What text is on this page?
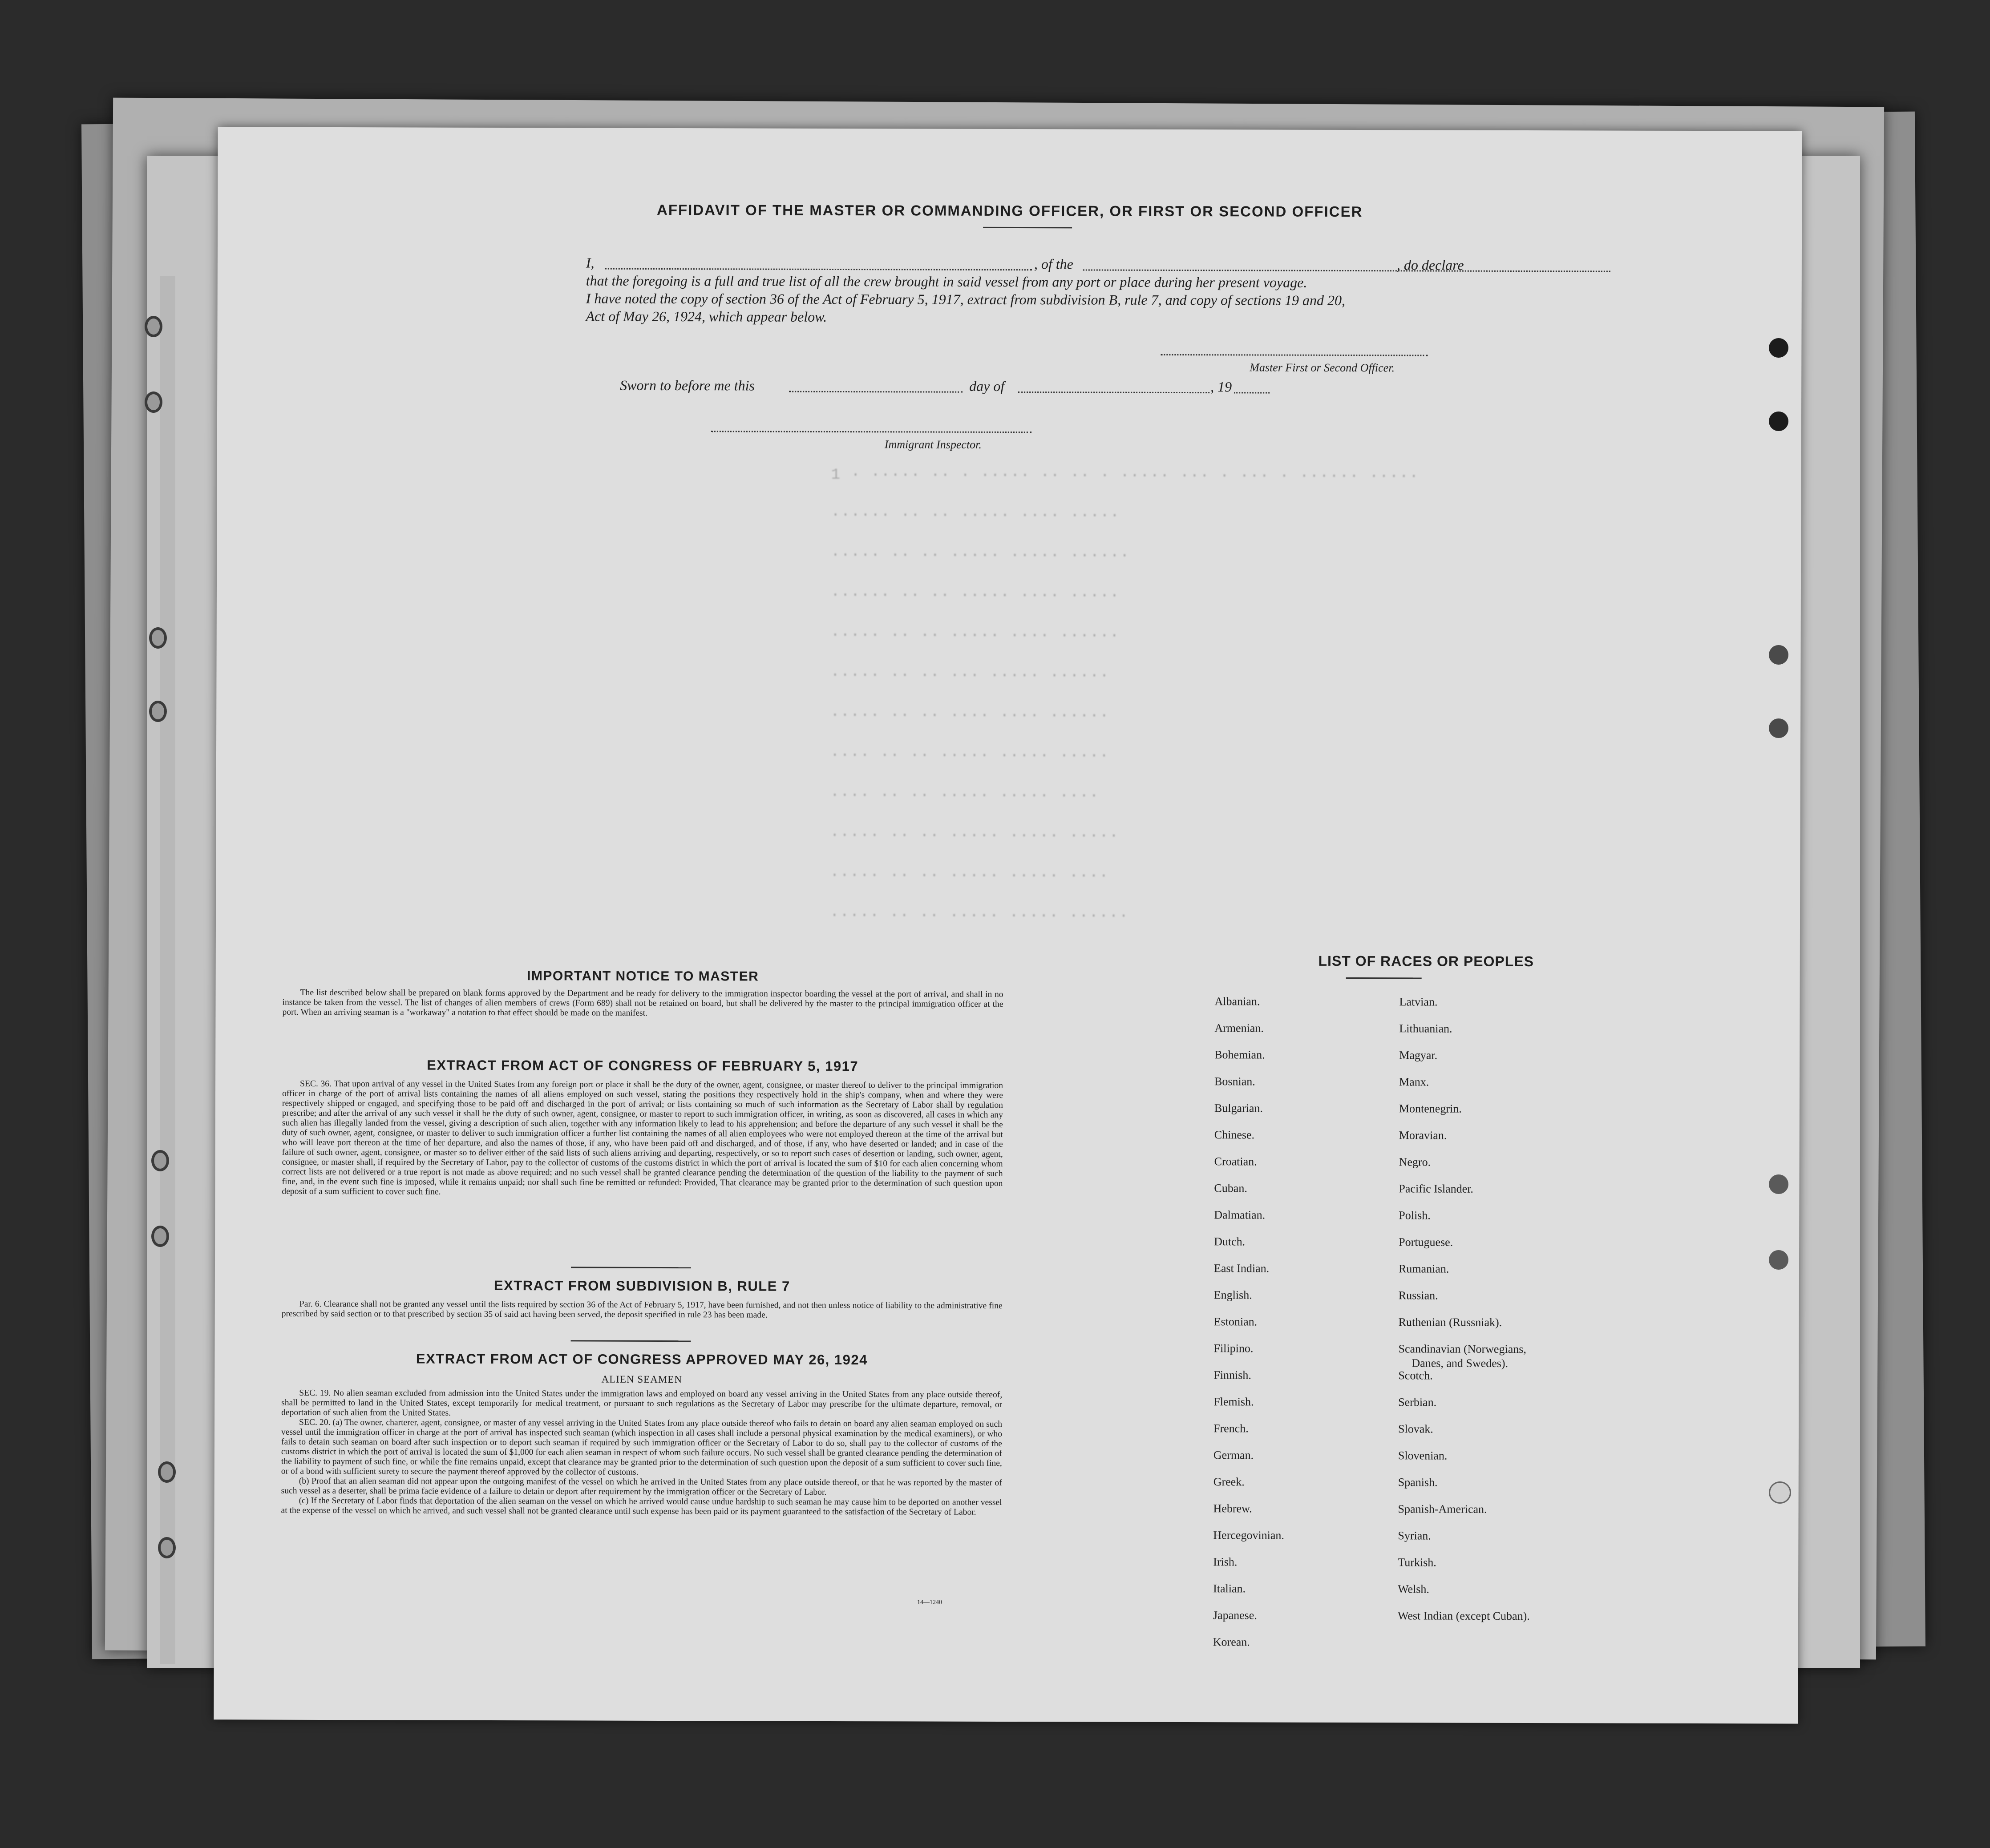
1 · ····· ·· · ····· ·· ·· · ····· ··· · ··· · ······ ·····
······ ·· ·· ····· ···· ·····
····· ·· ·· ····· ····· ······
······ ·· ·· ····· ···· ·····
····· ·· ·· ····· ···· ······
····· ·· ·· ··· ····· ······
····· ·· ·· ···· ···· ······
···· ·· ·· ····· ····· ·····
···· ·· ·· ····· ····· ····
····· ·· ·· ····· ····· ·····
····· ·· ·· ····· ····· ····
····· ·· ·· ····· ····· ······
AFFIDAVIT OF THE MASTER OR COMMANDING OFFICER, OR FIRST OR SECOND OFFICER
I,	, of the	, do declare
that the foregoing is a full and true list of all the crew brought in said vessel from any port or place during her present voyage.
I have noted the copy of section 36 of the Act of February 5, 1917, extract from subdivision B, rule 7, and copy of sections 19 and 20,
Act of May 26, 1924, which appear below.
Master First or Second Officer.
Sworn to before me this	day of	, 19
Immigrant Inspector.
IMPORTANT NOTICE TO MASTER
The list described below shall be prepared on blank forms approved by the Department and be ready for delivery to the immigration inspector boarding the vessel at the port of arrival, and shall in no instance be taken from the vessel. The list of changes of alien members of crews (Form 689) shall not be retained on board, but shall be delivered by the master to the principal immigration officer at the port. When an arriving seaman is a "workaway" a notation to that effect should be made on the manifest.
EXTRACT FROM ACT OF CONGRESS OF FEBRUARY 5, 1917
SEC. 36. That upon arrival of any vessel in the United States from any foreign port or place it shall be the duty of the owner, agent, consignee, or master thereof to deliver to the principal immigration officer in charge of the port of arrival lists containing the names of all aliens employed on such vessel, stating the positions they respectively hold in the ship's company, when and where they were respectively shipped or engaged, and specifying those to be paid off and discharged in the port of arrival; or lists containing so much of such information as the Secretary of Labor shall by regulation prescribe; and after the arrival of any such vessel it shall be the duty of such owner, agent, consignee, or master to report to such immigration officer, in writing, as soon as discovered, all cases in which any such alien has illegally landed from the vessel, giving a description of such alien, together with any information likely to lead to his apprehension; and before the departure of any such vessel it shall be the duty of such owner, agent, consignee, or master to deliver to such immigration officer a further list containing the names of all alien employees who were not employed thereon at the time of the arrival but who will leave port thereon at the time of her departure, and also the names of those, if any, who have been paid off and discharged, and of those, if any, who have deserted or landed; and in case of the failure of such owner, agent, consignee, or master so to deliver either of the said lists of such aliens arriving and departing, respectively, or so to report such cases of desertion or landing, such owner, agent, consignee, or master shall, if required by the Secretary of Labor, pay to the collector of customs of the customs district in which the port of arrival is located the sum of $10 for each alien concerning whom correct lists are not delivered or a true report is not made as above required; and no such vessel shall be granted clearance pending the determination of the question of the liability to the payment of such fine, and, in the event such fine is imposed, while it remains unpaid; nor shall such fine be remitted or refunded: Provided, That clearance may be granted prior to the determination of such question upon deposit of a sum sufficient to cover such fine.
EXTRACT FROM SUBDIVISION B, RULE 7
Par. 6. Clearance shall not be granted any vessel until the lists required by section 36 of the Act of February 5, 1917, have been furnished, and not then unless notice of liability to the administrative fine prescribed by said section or to that prescribed by section 35 of said act having been served, the deposit specified in rule 23 has been made.
EXTRACT FROM ACT OF CONGRESS APPROVED MAY 26, 1924
ALIEN SEAMEN

SEC. 19. No alien seaman excluded from admission into the United States under the immigration laws and employed on board any vessel arriving in the United States from any place outside thereof, shall be permitted to land in the United States, except temporarily for medical treatment, or pursuant to such regulations as the Secretary of Labor may prescribe for the ultimate departure, removal, or deportation of such alien from the United States.

SEC. 20. (a) The owner, charterer, agent, consignee, or master of any vessel arriving in the United States from any place outside thereof who fails to detain on board any alien seaman employed on such vessel until the immigration officer in charge at the port of arrival has inspected such seaman (which inspection in all cases shall include a personal physical examination by the medical examiners), or who fails to detain such seaman on board after such inspection or to deport such seaman if required by such immigration officer or the Secretary of Labor to do so, shall pay to the collector of customs of the customs district in which the port of arrival is located the sum of $1,000 for each alien seaman in respect of whom such failure occurs. No such vessel shall be granted clearance pending the determination of the liability to payment of such fine, or while the fine remains unpaid, except that clearance may be granted prior to the determination of such question upon the deposit of a sum sufficient to cover such fine, or of a bond with sufficient surety to secure the payment thereof approved by the collector of customs.

(b) Proof that an alien seaman did not appear upon the outgoing manifest of the vessel on which he arrived in the United States from any place outside thereof, or that he was reported by the master of such vessel as a deserter, shall be prima facie evidence of a failure to detain or deport after requirement by the immigration officer or the Secretary of Labor.

(c) If the Secretary of Labor finds that deportation of the alien seaman on the vessel on which he arrived would cause undue hardship to such seaman he may cause him to be deported on another vessel at the expense of the vessel on which he arrived, and such vessel shall not be granted clearance until such expense has been paid or its payment guaranteed to the satisfaction of the Secretary of Labor.

14—1240
LIST OF RACES OR PEOPLES
Albanian.
Armenian.
Bohemian.
Bosnian.
Bulgarian.
Chinese.
Croatian.
Cuban.
Dalmatian.
Dutch.
East Indian.
English.
Estonian.
Filipino.
Finnish.
Flemish.
French.
German.
Greek.
Hebrew.
Hercegovinian.
Irish.
Italian.
Japanese.
Korean.
Latvian.
Lithuanian.
Magyar.
Manx.
Montenegrin.
Moravian.
Negro.
Pacific Islander.
Polish.
Portuguese.
Rumanian.
Russian.
Ruthenian (Russniak).
Scandinavian (Norwegians,
Danes, and Swedes).
Scotch.
Serbian.
Slovak.
Slovenian.
Spanish.
Spanish-American.
Syrian.
Turkish.
Welsh.
West Indian (except Cuban).
